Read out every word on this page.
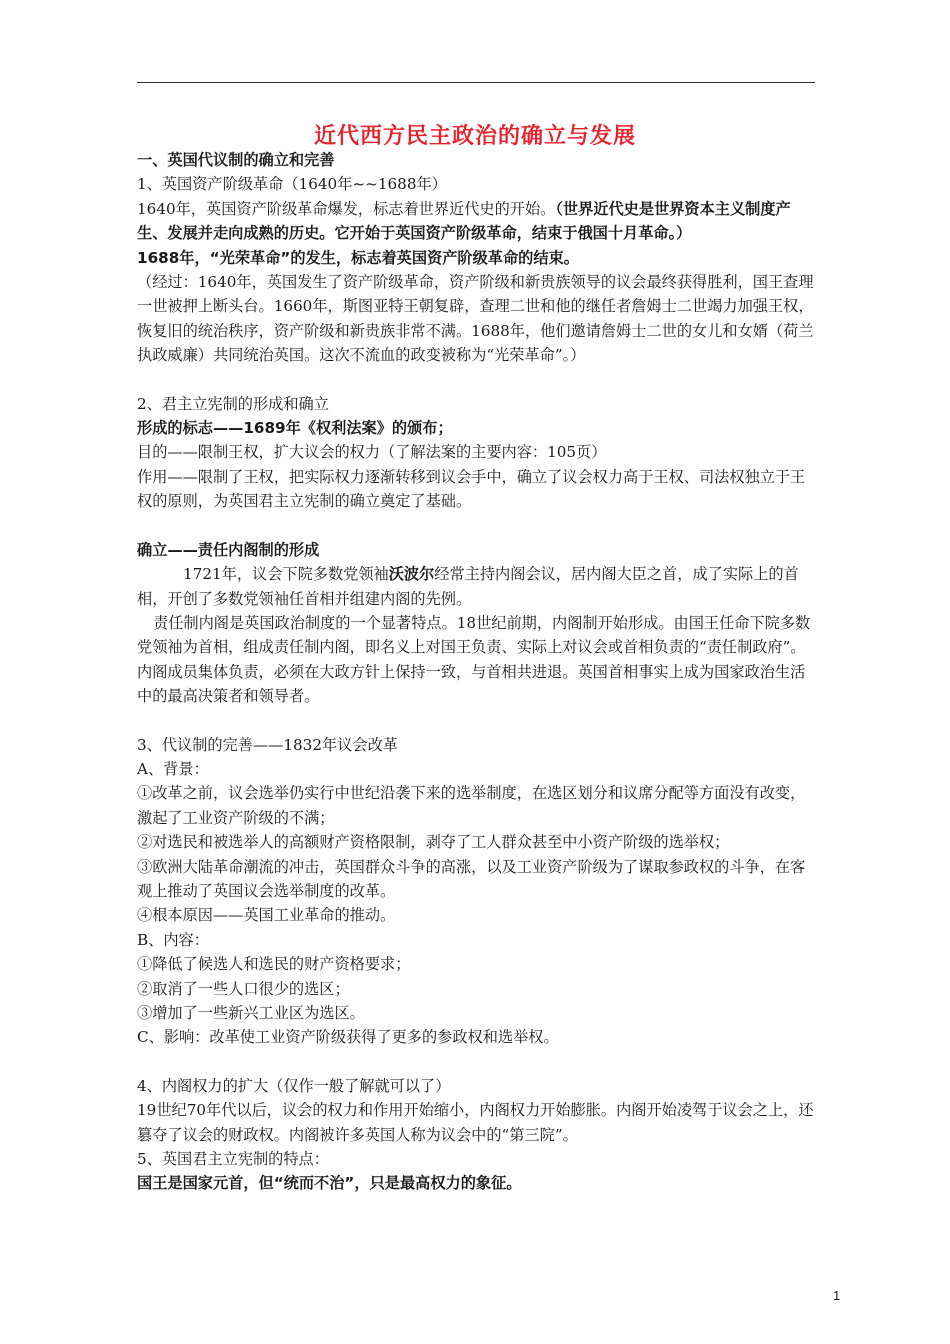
近代西方民主政治的确立与发展

一、英国代议制的确立和完善

1、英国资产阶级革命（1640年~~1688年）

1640年，英国资产阶级革命爆发，标志着世界近代史的开始。（世界近代史是世界资本主义制度产生、发展并走向成熟的历史。它开始于英国资产阶级革命，结束于俄国十月革命。）

1688年，“光荣革命”的发生，标志着英国资产阶级革命的结束。

（经过：1640年，英国发生了资产阶级革命，资产阶级和新贵族领导的议会最终获得胜利，国王查理一世被押上断头台。1660年，斯图亚特王朝复辟，查理二世和他的继任者詹姆士二世竭力加强王权，恢复旧的统治秩序，资产阶级和新贵族非常不满。1688年，他们邀请詹姆士二世的女儿和女婿（荷兰执政威廉）共同统治英国。这次不流血的政变被称为“光荣革命”。）

2、君主立宪制的形成和确立

形成的标志——1689年《权利法案》的颁布；

目的——限制王权，扩大议会的权力（了解法案的主要内容：105页）

作用——限制了王权，把实际权力逐渐转移到议会手中，确立了议会权力高于王权、司法权独立于王权的原则，为英国君主立宪制的确立奠定了基础。

确立——责任内阁制的形成

1721年，议会下院多数党领袖沃波尔经常主持内阁会议，居内阁大臣之首，成了实际上的首相，开创了多数党领袖任首相并组建内阁的先例。

责任制内阁是英国政治制度的一个显著特点。18世纪前期，内阁制开始形成。由国王任命下院多数党领袖为首相，组成责任制内阁，即名义上对国王负责、实际上对议会或首相负责的“责任制政府”。 内阁成员集体负责，必须在大政方针上保持一致，与首相共进退。英国首相事实上成为国家政治生活中的最高决策者和领导者。

3、代议制的完善——1832年议会改革

A、背景：

①改革之前，议会选举仍实行中世纪沿袭下来的选举制度，在选区划分和议席分配等方面没有改变，激起了工业资产阶级的不满；

②对选民和被选举人的高额财产资格限制，剥夺了工人群众甚至中小资产阶级的选举权；

③欧洲大陆革命潮流的冲击，英国群众斗争的高涨，以及工业资产阶级为了谋取参政权的斗争，在客观上推动了英国议会选举制度的改革。

④根本原因——英国工业革命的推动。

B、内容：

①降低了候选人和选民的财产资格要求；

②取消了一些人口很少的选区；

③增加了一些新兴工业区为选区。

C、影响：改革使工业资产阶级获得了更多的参政权和选举权。

4、内阁权力的扩大（仅作一般了解就可以了）

19世纪70年代以后，议会的权力和作用开始缩小，内阁权力开始膨胀。内阁开始凌驾于议会之上，还篡夺了议会的财政权。内阁被许多英国人称为议会中的“第三院”。

5、英国君主立宪制的特点：

国王是国家元首，但“统而不治”，只是最高权力的象征。

1
